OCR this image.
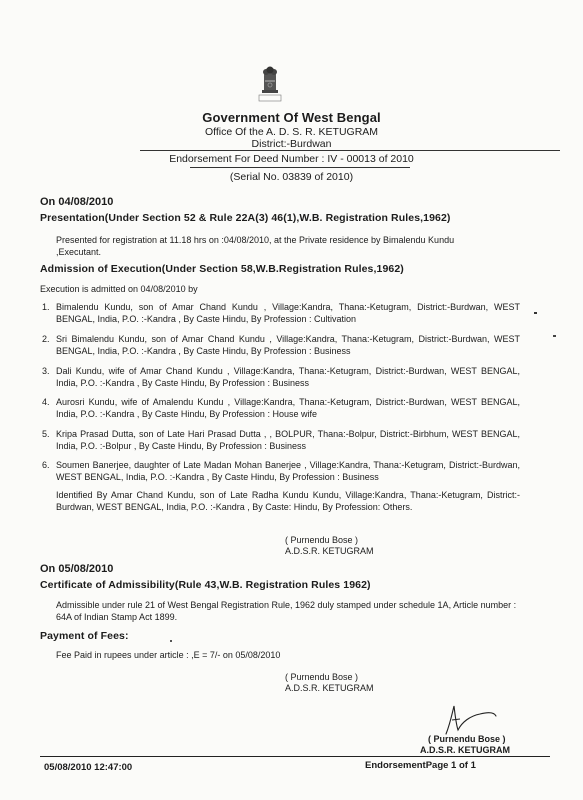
Government Of West Bengal
Office Of the A. D. S. R. KETUGRAM
District:-Burdwan
Endorsement For Deed Number : IV - 00013 of 2010
(Serial No. 03839 of 2010)
On 04/08/2010
Presentation(Under Section 52 & Rule 22A(3) 46(1),W.B. Registration Rules,1962)
Presented for registration at 11.18 hrs on :04/08/2010, at the Private residence by Bimalendu Kundu
,Executant.
Admission of Execution(Under Section 58,W.B.Registration Rules,1962)
Execution is admitted on 04/08/2010 by
1. Bimalendu Kundu, son of Amar Chand Kundu , Village:Kandra, Thana:-Ketugram, District:-Burdwan, WEST BENGAL, India, P.O. :-Kandra , By Caste Hindu, By Profession : Cultivation
2. Sri Bimalendu Kundu, son of Amar Chand Kundu , Village:Kandra, Thana:-Ketugram, District:-Burdwan, WEST BENGAL, India, P.O. :-Kandra , By Caste Hindu, By Profession : Business
3. Dali Kundu, wife of Amar Chand Kundu , Village:Kandra, Thana:-Ketugram, District:-Burdwan, WEST BENGAL, India, P.O. :-Kandra , By Caste Hindu, By Profession : Business
4. Aurosri Kundu, wife of Amalendu Kundu , Village:Kandra, Thana:-Ketugram, District:-Burdwan, WEST BENGAL, India, P.O. :-Kandra , By Caste Hindu, By Profession : House wife
5. Kripa Prasad Dutta, son of Late Hari Prasad Dutta , , BOLPUR, Thana:-Bolpur, District:-Birbhum, WEST BENGAL, India, P.O. :-Bolpur , By Caste Hindu, By Profession : Business
6. Soumen Banerjee, daughter of Late Madan Mohan Banerjee , Village:Kandra, Thana:-Ketugram, District:-Burdwan, WEST BENGAL, India, P.O. :-Kandra , By Caste Hindu, By Profession : Business
Identified By Amar Chand Kundu, son of Late Radha Kundu Kundu, Village:Kandra, Thana:-Ketugram, District:-Burdwan, WEST BENGAL, India, P.O. :-Kandra , By Caste: Hindu, By Profession: Others.
( Purnendu Bose )
A.D.S.R. KETUGRAM
On 05/08/2010
Certificate of Admissibility(Rule 43,W.B. Registration Rules 1962)
Admissible under rule 21 of West Bengal Registration Rule, 1962 duly stamped under schedule 1A, Article number : 64A of Indian Stamp Act 1899.
Payment of Fees:
Fee Paid in rupees under article : ,E = 7/- on 05/08/2010
( Purnendu Bose )
A.D.S.R. KETUGRAM
( Purnendu Bose )
A.D.S.R. KETUGRAM
05/08/2010 12:47:00	EndorsementPage 1 of 1
